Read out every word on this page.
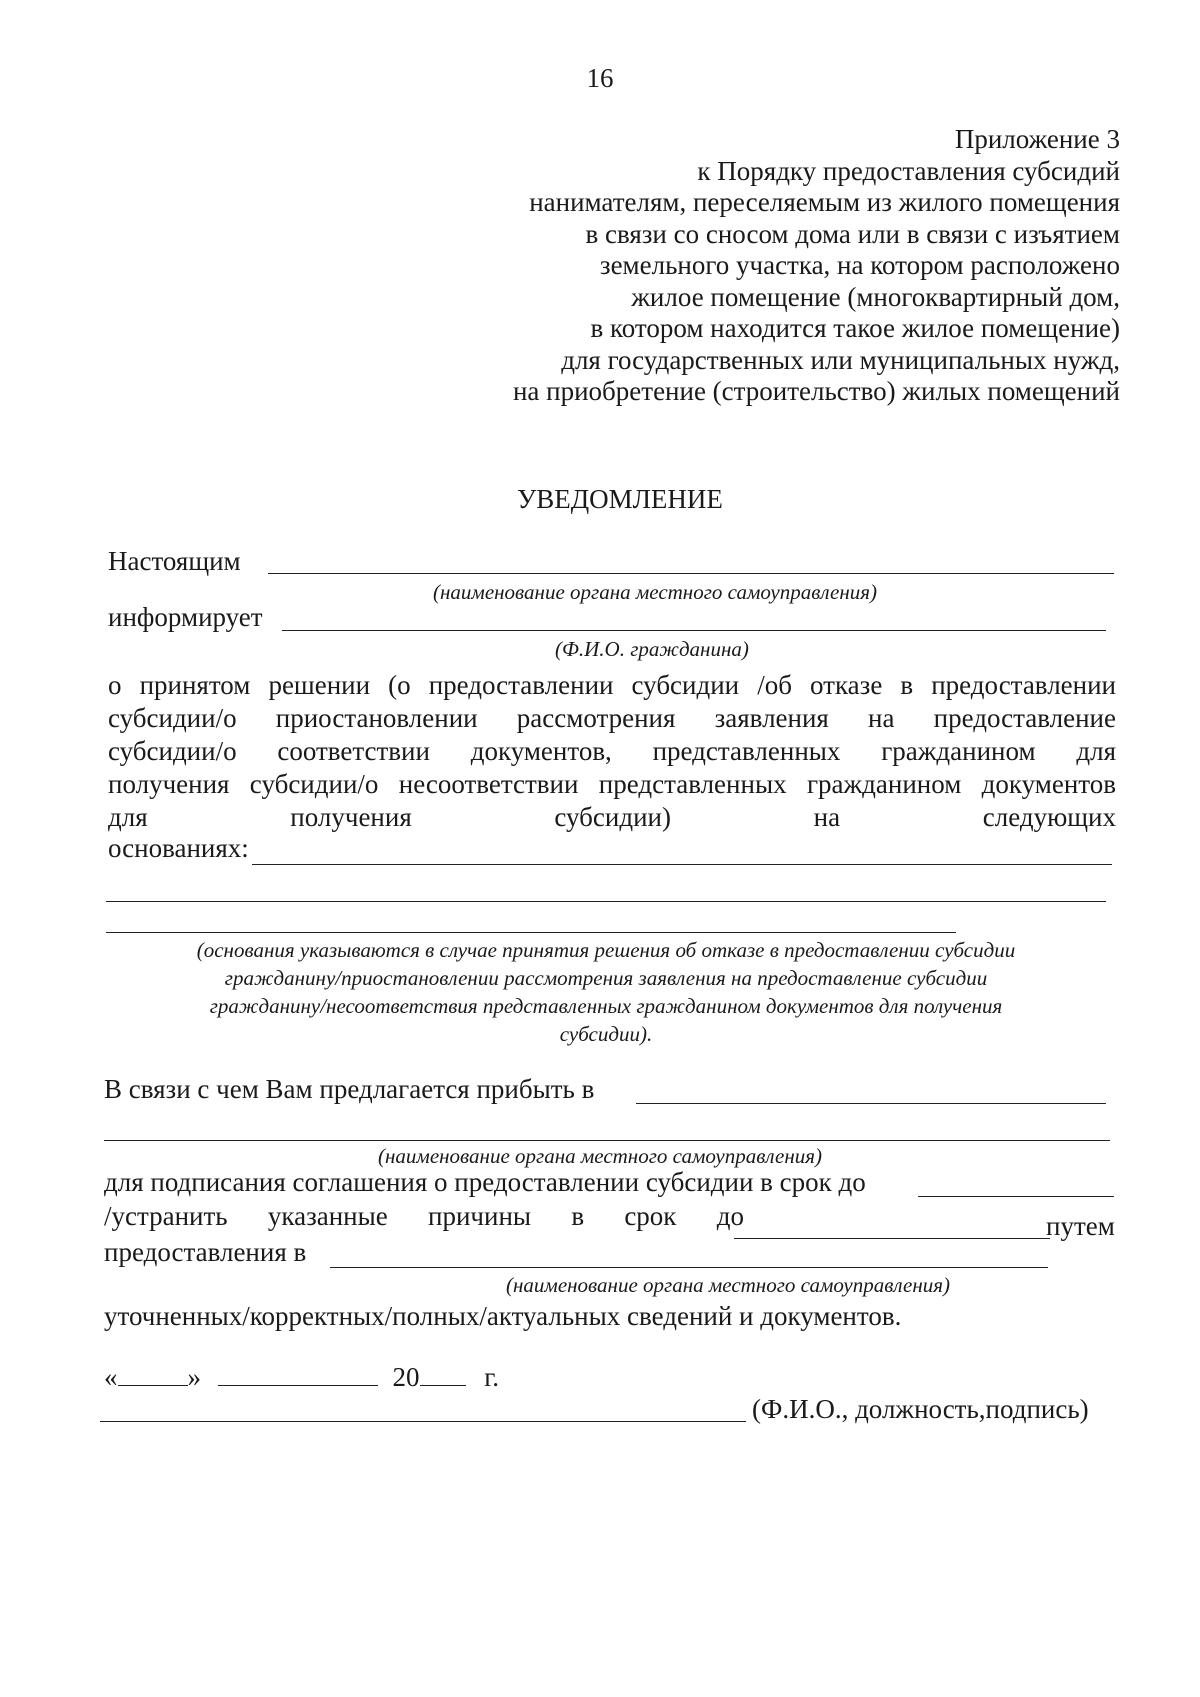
16
Приложение 3
к Порядку предоставления субсидий
нанимателям, переселяемым из жилого помещения
в связи со сносом дома или в связи с изъятием
земельного участка, на котором расположено
жилое помещение (многоквартирный дом,
в котором находится такое жилое помещение)
для государственных или муниципальных нужд,
на приобретение (строительство) жилых помещений
УВЕДОМЛЕНИЕ
Настоящим
(наименование органа местного самоуправления)
информирует
(Ф.И.О. гражданина)
о принятом решении (о предоставлении субсидии /об отказе в предоставлении
субсидии/о приостановлении рассмотрения заявления на предоставление
субсидии/о соответствии документов, представленных гражданином для
получения субсидии/о несоответствии представленных гражданином документов
для получения субсидии) на следующих
основаниях:
(основания указываются в случае принятия решения об отказе в предоставлении субсидии
гражданину/приостановлении рассмотрения заявления на предоставление субсидии
гражданину/несоответствия представленных гражданином документов для получения
субсидии).
В связи с чем Вам предлагается прибыть в
(наименование органа местного самоуправления)
для подписания соглашения о предоставлении субсидии в срок до
/устранить указанные причины в срок до	путем
предоставления в
(наименование органа местного самоуправления)
уточненных/корректных/полных/актуальных сведений и документов.
«	»	20 г.
(Ф.И.О., должность,подпись)
